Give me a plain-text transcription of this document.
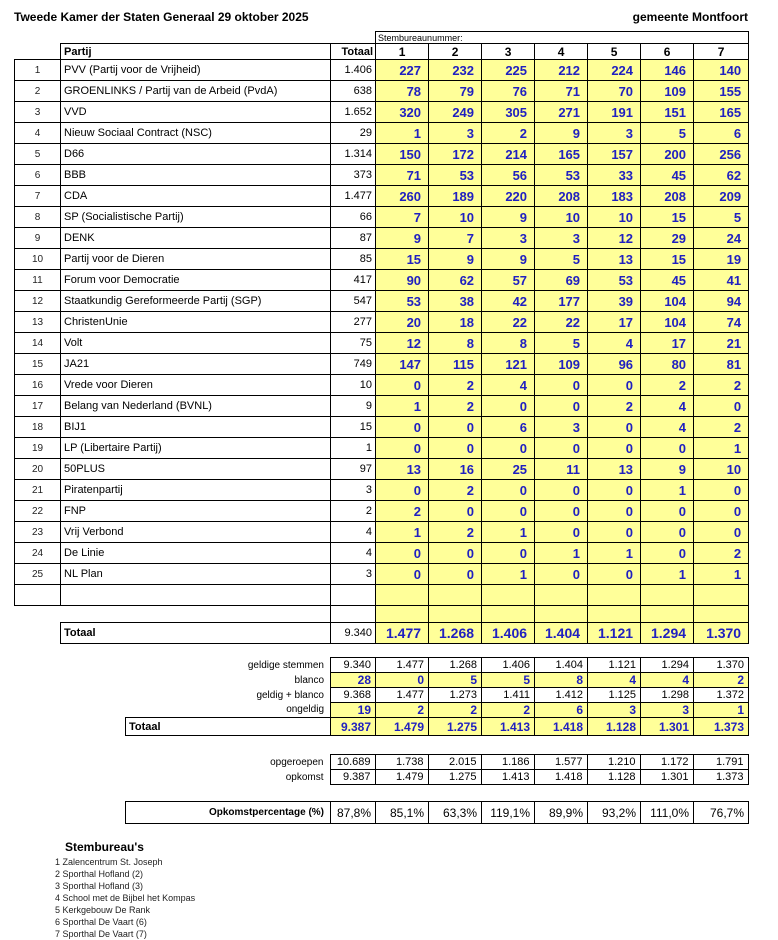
Tweede Kamer der Staten Generaal 29 oktober 2025	gemeente Montfoort
			Stembureaunummer:						
	Partij	Totaal	1	2	3	4	5	6	7
1	PVV (Partij voor de Vrijheid)	1.406	227	232	225	212	224	146	140
2	GROENLINKS / Partij van de Arbeid (PvdA)	638	78	79	76	71	70	109	155
3	VVD	1.652	320	249	305	271	191	151	165
4	Nieuw Sociaal Contract (NSC)	29	1	3	2	9	3	5	6
5	D66	1.314	150	172	214	165	157	200	256
6	BBB	373	71	53	56	53	33	45	62
7	CDA	1.477	260	189	220	208	183	208	209
8	SP (Socialistische Partij)	66	7	10	9	10	10	15	5
9	DENK	87	9	7	3	3	12	29	24
10	Partij voor de Dieren	85	15	9	9	5	13	15	19
11	Forum voor Democratie	417	90	62	57	69	53	45	41
12	Staatkundig Gereformeerde Partij (SGP)	547	53	38	42	177	39	104	94
13	ChristenUnie	277	20	18	22	22	17	104	74
14	Volt	75	12	8	8	5	4	17	21
15	JA21	749	147	115	121	109	96	80	81
16	Vrede voor Dieren	10	0	2	4	0	0	2	2
17	Belang van Nederland (BVNL)	9	1	2	0	0	2	4	0
18	BIJ1	15	0	0	6	3	0	4	2
19	LP (Libertaire Partij)	1	0	0	0	0	0	0	1
20	50PLUS	97	13	16	25	11	13	9	10
21	Piratenpartij	3	0	2	0	0	0	1	0
22	FNP	2	2	0	0	0	0	0	0
23	Vrij Verbond	4	1	2	1	0	0	0	0
24	De Linie	4	0	0	0	1	1	0	2
25	NL Plan	3	0	0	1	0	0	1	1

	Totaal	9.340	1.477	1.268	1.406	1.404	1.121	1.294	1.370
geldige stemmen	9.340	1.477	1.268	1.406	1.404	1.121	1.294	1.370
blanco	28	0	5	5	8	4	4	2
geldig + blanco	9.368	1.477	1.273	1.411	1.412	1.125	1.298	1.372
ongeldig	19	2	2	2	6	3	3	1
Totaal	9.387	1.479	1.275	1.413	1.418	1.128	1.301	1.373
opgeroepen	10.689	1.738	2.015	1.186	1.577	1.210	1.172	1.791
opkomst	9.387	1.479	1.275	1.413	1.418	1.128	1.301	1.373
Opkomstpercentage (%)	87,8%	85,1%	63,3%	119,1%	89,9%	93,2%	111,0%	76,7%
Stembureau's
1 Zalencentrum St. Joseph
2 Sporthal Hofland (2)
3 Sporthal Hofland (3)
4 School met de Bijbel het Kompas
5 Kerkgebouw De Rank
6 Sporthal De Vaart (6)
7 Sporthal De Vaart (7)
